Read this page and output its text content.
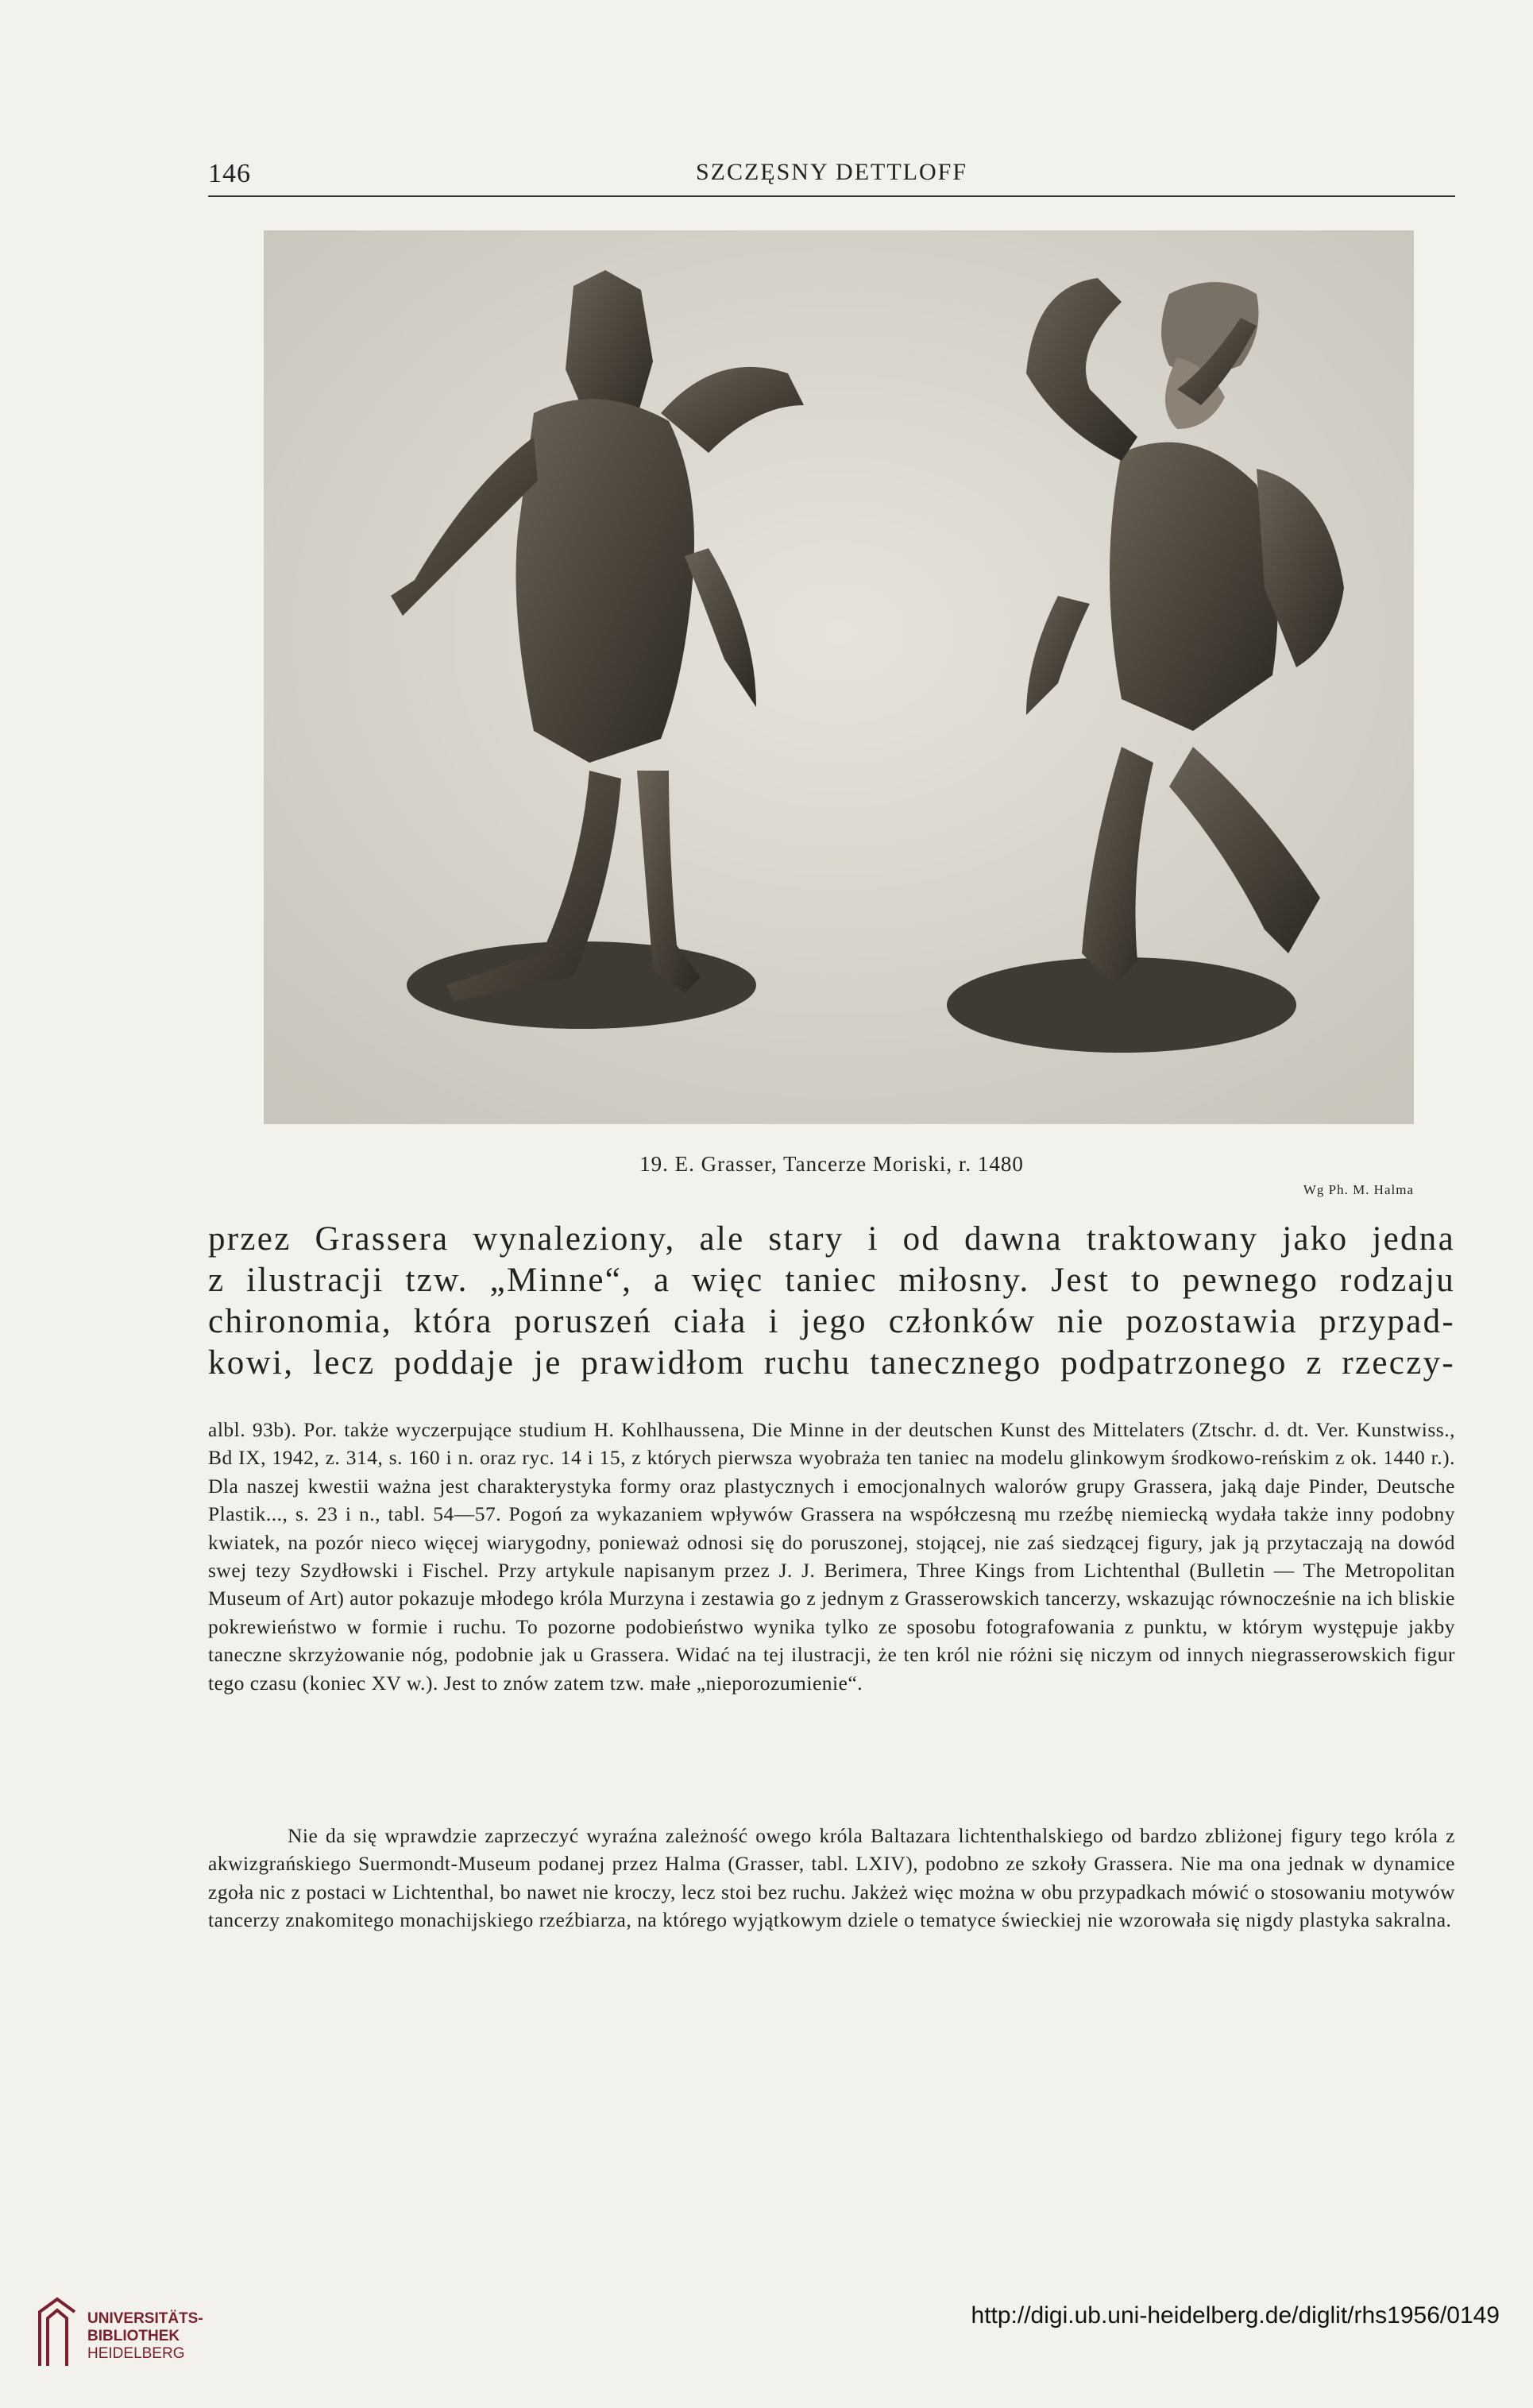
146	SZCZĘSNY DETTLOFF
19. E. Grasser, Tancerze Moriski, r. 1480
Wg Ph. M. Halma

przez Grassera wynaleziony, ale stary i od dawna traktowany jako jedna
z ilustracji tzw. „Minne“, a więc taniec miłosny. Jest to pewnego rodzaju
chironomia, która poruszeń ciała i jego członków nie pozostawia przypad-
kowi, lecz poddaje je prawidłom ruchu tanecznego podpatrzonego z rzeczy-

albl. 93b). Por. także wyczerpujące studium H. Kohlhaussena, Die Minne in der deutschen Kunst des Mittelaters (Ztschr. d. dt. Ver. Kunstwiss., Bd IX, 1942, z. 314, s. 160 i n. oraz ryc. 14 i 15, z których pierwsza wyobraża ten taniec na modelu glinkowym środkowo-reńskim z ok. 1440 r.). Dla naszej kwestii ważna jest charakterystyka formy oraz plastycznych i emocjonalnych walorów grupy Grassera, jaką daje Pinder, Deutsche Plastik..., s. 23 i n., tabl. 54—57. Pogoń za wykazaniem wpływów Grassera na współczesną mu rzeźbę niemiecką wydała także inny podobny kwiatek, na pozór nieco więcej wiarygodny, ponieważ odnosi się do poruszonej, stojącej, nie zaś siedzącej figury, jak ją przytaczają na dowód swej tezy Szydłowski i Fischel. Przy artykule napisanym przez J. J. Berimera, Three Kings from Lichtenthal (Bulletin — The Metropolitan Museum of Art) autor pokazuje młodego króla Murzyna i zestawia go z jednym z Grasserowskich tancerzy, wskazując równocześnie na ich bliskie pokrewieństwo w formie i ruchu. To pozorne podobieństwo wynika tylko ze sposobu fotografowania z punktu, w którym występuje jakby taneczne skrzyżowanie nóg, podobnie jak u Grassera. Widać na tej ilustracji, że ten król nie różni się niczym od innych niegrasserowskich figur tego czasu (koniec XV w.). Jest to znów zatem tzw. małe „nieporozumienie“.

Nie da się wprawdzie zaprzeczyć wyraźna zależność owego króla Baltazara lichtenthalskiego od bardzo zbliżonej figury tego króla z akwizgrańskiego Suermondt-Museum podanej przez Halma (Grasser, tabl. LXIV), podobno ze szkoły Grassera. Nie ma ona jednak w dynamice zgoła nic z postaci w Lichtenthal, bo nawet nie kroczy, lecz stoi bez ruchu. Jakżeż więc można w obu przypadkach mówić o stosowaniu motywów tancerzy znakomitego monachijskiego rzeźbiarza, na którego wyjątkowym dziele o tematyce świeckiej nie wzorowała się nigdy plastyka sakralna.

UNIVERSITÄTS-
BIBLIOTHEK
HEIDELBERG
http://digi.ub.uni-heidelberg.de/diglit/rhs1956/0149
